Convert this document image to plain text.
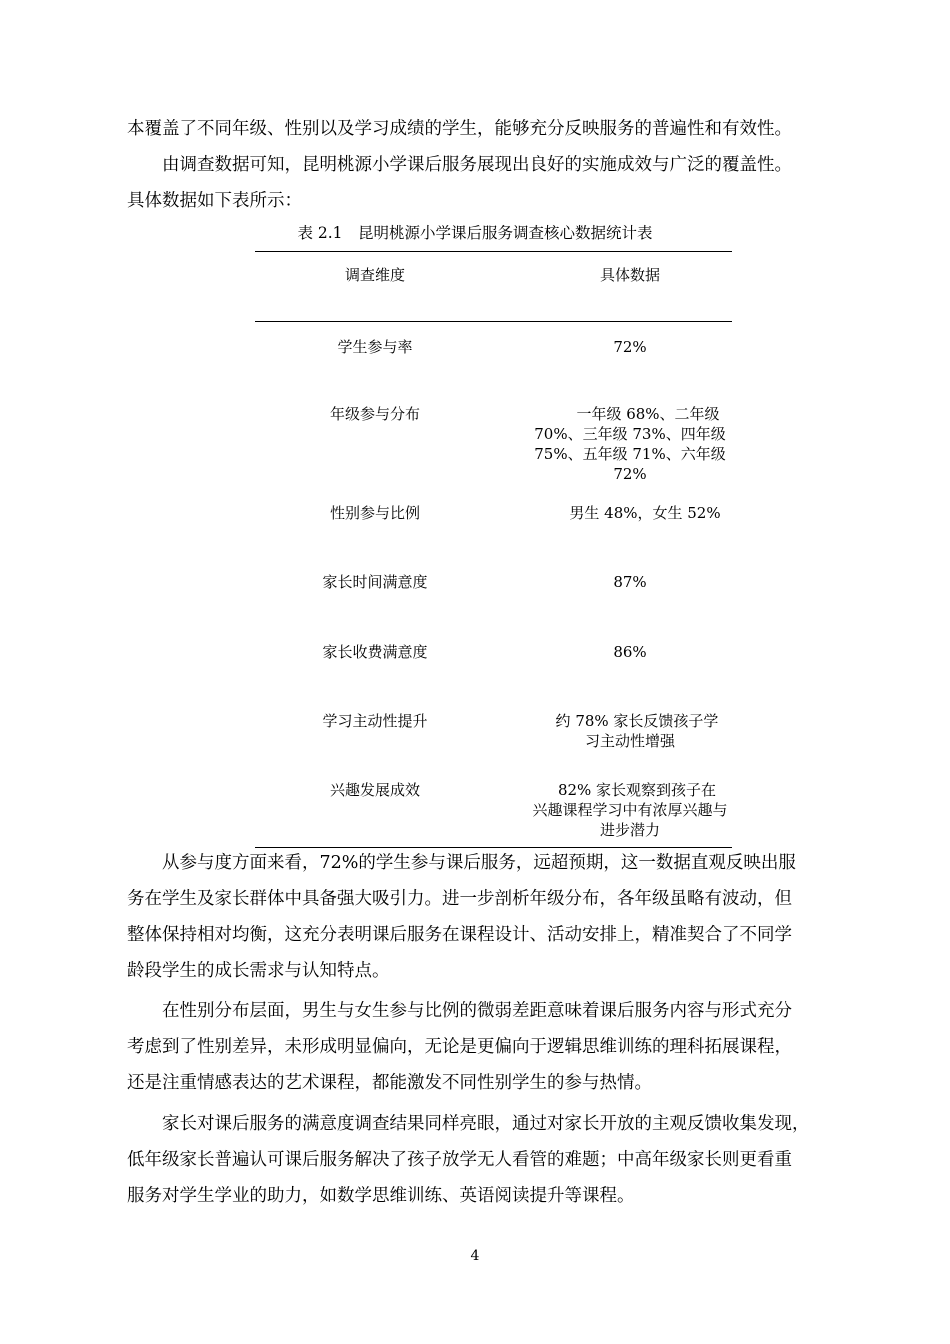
本覆盖了不同年级、性别以及学习成绩的学生，能够充分反映服务的普遍性和有效性。
由调查数据可知，昆明桃源小学课后服务展现出良好的实施成效与广泛的覆盖性。
具体数据如下表所示：

表 2.1　昆明桃源小学课后服务调查核心数据统计表

调查维度	具体数据
学生参与率	72%
年级参与分布	一年级 68%、二年级
70%、三年级 73%、四年级
75%、五年级 71%、六年级
72%
性别参与比例	男生 48%，女生 52%
家长时间满意度	87%
家长收费满意度	86%
学习主动性提升	约 78% 家长反馈孩子学
习主动性增强
兴趣发展成效	82% 家长观察到孩子在
兴趣课程学习中有浓厚兴趣与
进步潜力

从参与度方面来看，72%的学生参与课后服务，远超预期，这一数据直观反映出服
务在学生及家长群体中具备强大吸引力。进一步剖析年级分布，各年级虽略有波动，但
整体保持相对均衡，这充分表明课后服务在课程设计、活动安排上，精准契合了不同学
龄段学生的成长需求与认知特点。

在性别分布层面，男生与女生参与比例的微弱差距意味着课后服务内容与形式充分
考虑到了性别差异，未形成明显偏向，无论是更偏向于逻辑思维训练的理科拓展课程，
还是注重情感表达的艺术课程，都能激发不同性别学生的参与热情。

家长对课后服务的满意度调查结果同样亮眼，通过对家长开放的主观反馈收集发现，
低年级家长普遍认可课后服务解决了孩子放学无人看管的难题；中高年级家长则更看重
服务对学生学业的助力，如数学思维训练、英语阅读提升等课程。

4
